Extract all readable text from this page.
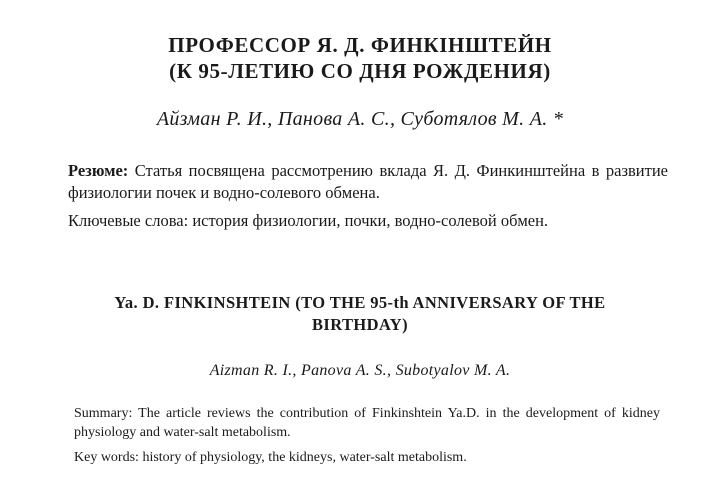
ПРОФЕССОР Я. Д. ФИНКІНШТЕЙН
(К 95-ЛЕТИЮ СО ДНЯ РОЖДЕНИЯ)
Айзман Р. И., Панова А. С., Суботялов М. А. *

Резюме: Статья посвящена рассмотрению вклада Я. Д. Финкинштейна в развитие физиологии почек и водно-солевого обмена.

Ключевые слова: история физиологии, почки, водно-солевой обмен.

Ya. D. FINKINSHTEIN (TO THE 95-th ANNIVERSARY OF THE
BIRTHDAY)
Aizman R. I., Panova A. S., Subotyalov M. A.

Summary: The article reviews the contribution of Finkinshtein Ya.D. in the development of kidney physiology and water-salt metabolism.

Key words: history of physiology, the kidneys, water-salt metabolism.
